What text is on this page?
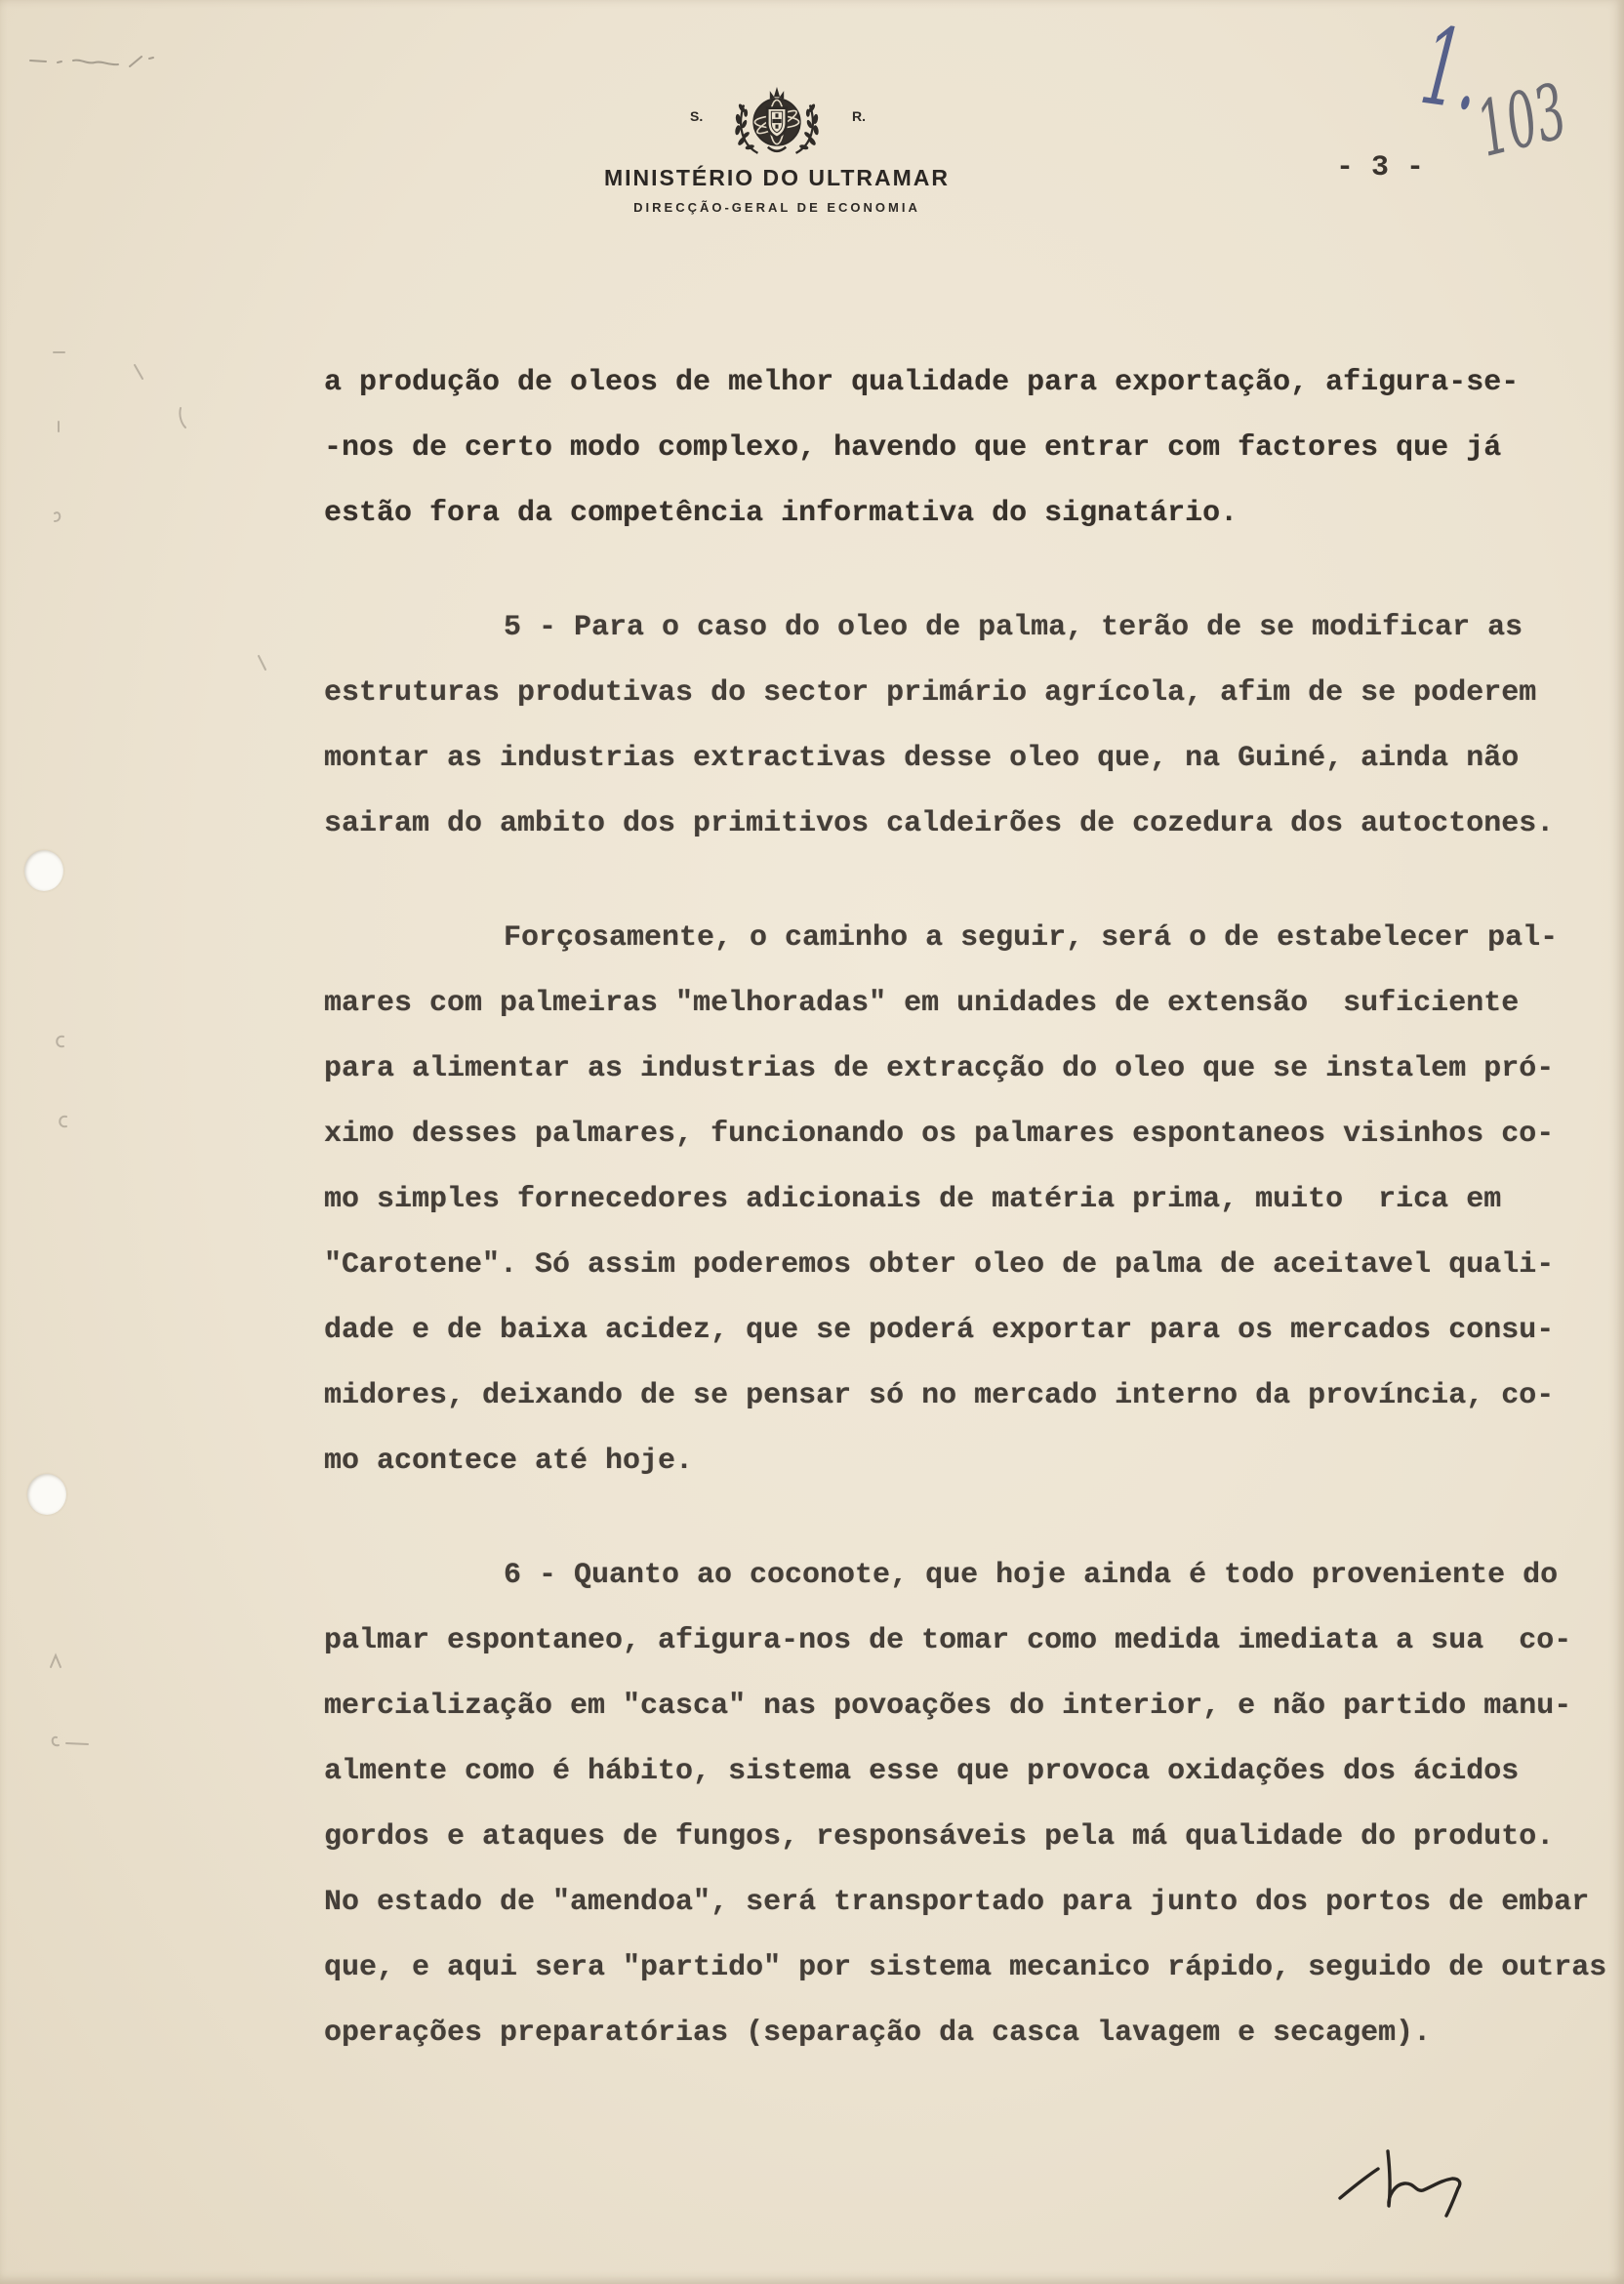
S.	R.
MINISTÉRIO DO ULTRAMAR
DIRECÇÃO-GERAL DE ECONOMIA
- 3 -
1.
103
a produção de oleos de melhor qualidade para exportação, afigura-se-
-nos de certo modo complexo, havendo que entrar com factores que já
estão fora da competência informativa do signatário.
5 - Para o caso do oleo de palma, terão de se modificar as
estruturas produtivas do sector primário agrícola, afim de se poderem
montar as industrias extractivas desse oleo que, na Guiné, ainda não
sairam do ambito dos primitivos caldeirões de cozedura dos autoctones.
Forçosamente, o caminho a seguir, será o de estabelecer pal-
mares com palmeiras "melhoradas" em unidades de extensão  suficiente
para alimentar as industrias de extracção do oleo que se instalem pró-
ximo desses palmares, funcionando os palmares espontaneos visinhos co-
mo simples fornecedores adicionais de matéria prima, muito  rica em
"Carotene". Só assim poderemos obter oleo de palma de aceitavel quali-
dade e de baixa acidez, que se poderá exportar para os mercados consu-
midores, deixando de se pensar só no mercado interno da província, co-
mo acontece até hoje.
6 - Quanto ao coconote, que hoje ainda é todo proveniente do
palmar espontaneo, afigura-nos de tomar como medida imediata a sua  co-
mercialização em "casca" nas povoações do interior, e não partido manu-
almente como é hábito, sistema esse que provoca oxidações dos ácidos
gordos e ataques de fungos, responsáveis pela má qualidade do produto.
No estado de "amendoa", será transportado para junto dos portos de embar
que, e aqui sera "partido" por sistema mecanico rápido, seguido de outras
operações preparatórias (separação da casca lavagem e secagem).
